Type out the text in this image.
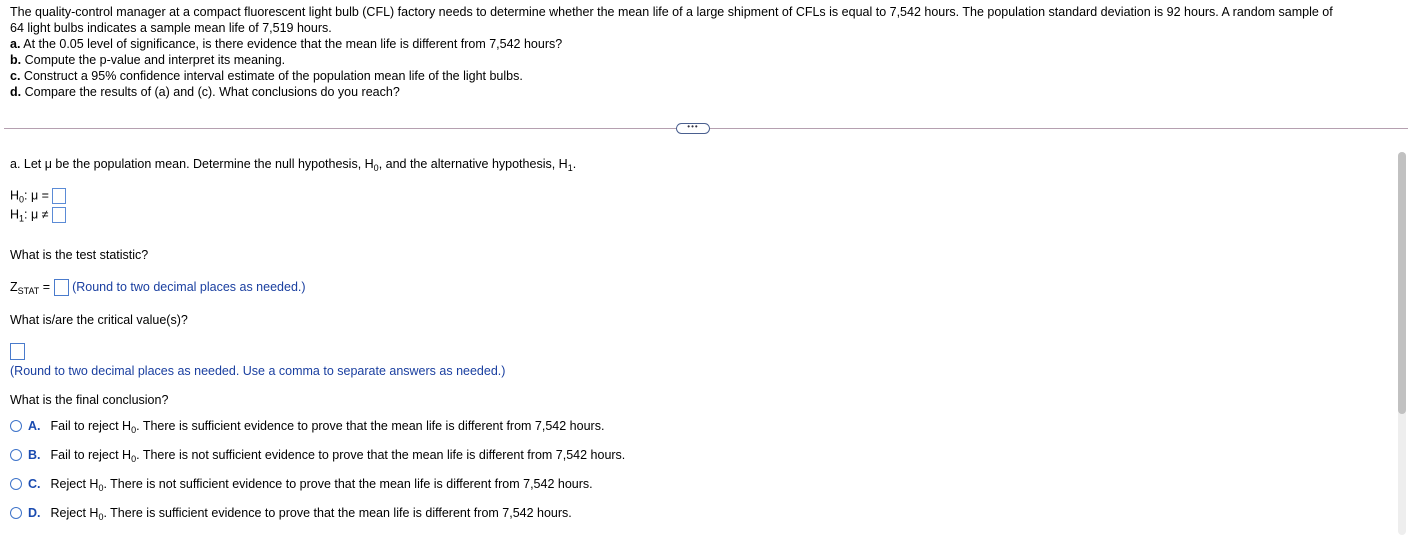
The quality-control manager at a compact fluorescent light bulb (CFL) factory needs to determine whether the mean life of a large shipment of CFLs is equal to 7,542 hours. The population standard deviation is 92 hours. A random sample of
64 light bulbs indicates a sample mean life of 7,519 hours.
a. At the 0.05 level of significance, is there evidence that the mean life is different from 7,542 hours?
b. Compute the p-value and interpret its meaning.
c. Construct a 95% confidence interval estimate of the population mean life of the light bulbs.
d. Compare the results of (a) and (c). What conclusions do you reach?
•••
a. Let μ be the population mean. Determine the null hypothesis, $H_0$, and the alternative hypothesis, $H_1$.
$H_0$: μ =
$H_1$: μ ≠
What is the test statistic?
$Z_{STAT}$ = (Round to two decimal places as needed.)
What is/are the critical value(s)?
(Round to two decimal places as needed. Use a comma to separate answers as needed.)
What is the final conclusion?
A. Fail to reject $H_0$. There is sufficient evidence to prove that the mean life is different from 7,542 hours.
B. Fail to reject $H_0$. There is not sufficient evidence to prove that the mean life is different from 7,542 hours.
C. Reject $H_0$. There is not sufficient evidence to prove that the mean life is different from 7,542 hours.
D. Reject $H_0$. There is sufficient evidence to prove that the mean life is different from 7,542 hours.
